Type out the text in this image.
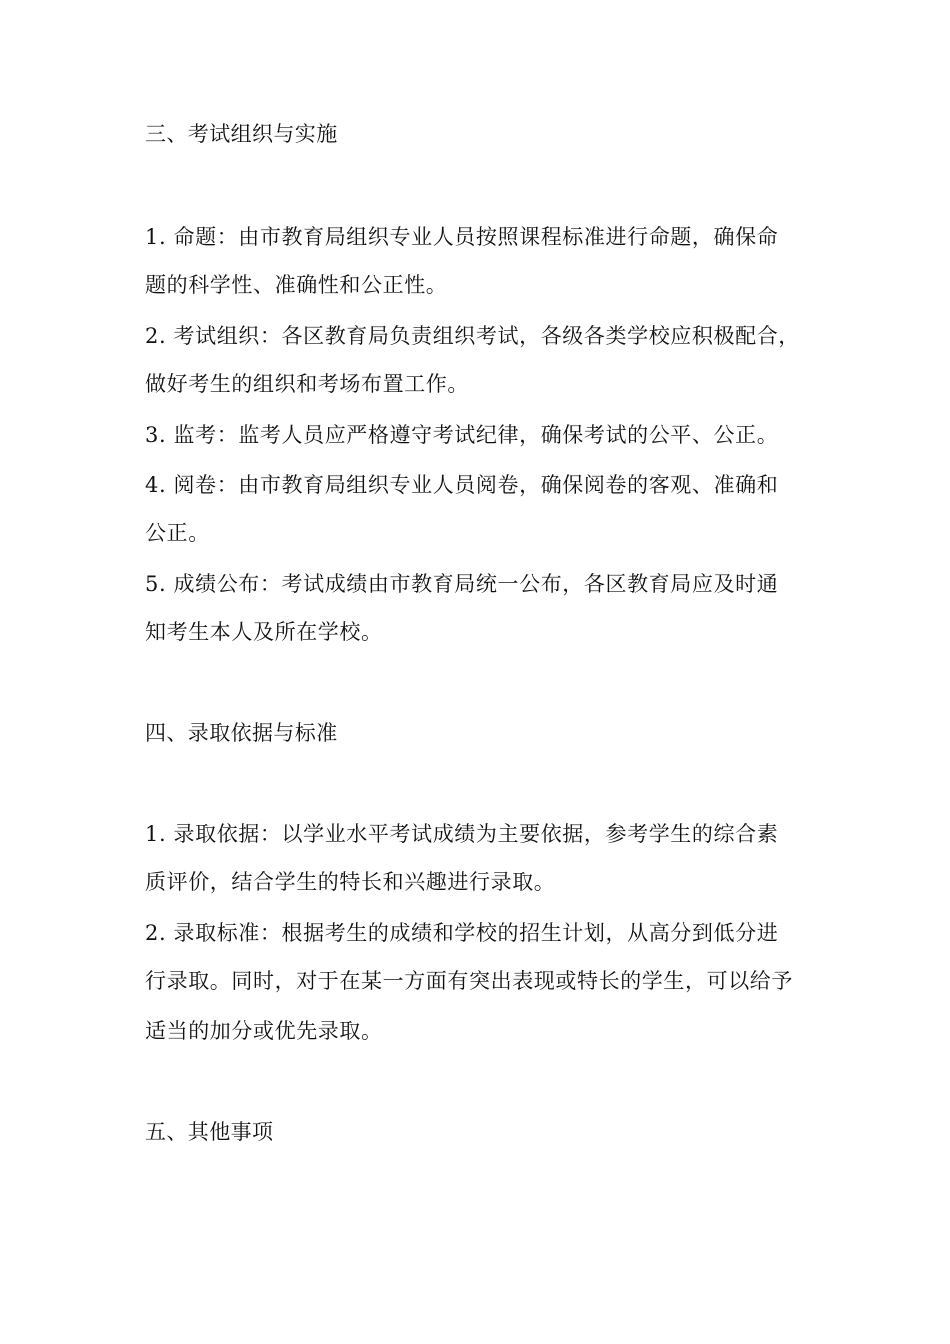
三、考试组织与实施
1. 命题：由市教育局组织专业人员按照课程标准进行命题，确保命
题的科学性、准确性和公正性。
2. 考试组织：各区教育局负责组织考试，各级各类学校应积极配合，
做好考生的组织和考场布置工作。
3. 监考：监考人员应严格遵守考试纪律，确保考试的公平、公正。
4. 阅卷：由市教育局组织专业人员阅卷，确保阅卷的客观、准确和
公正。
5. 成绩公布：考试成绩由市教育局统一公布，各区教育局应及时通
知考生本人及所在学校。
四、录取依据与标准
1. 录取依据：以学业水平考试成绩为主要依据，参考学生的综合素
质评价，结合学生的特长和兴趣进行录取。
2. 录取标准：根据考生的成绩和学校的招生计划，从高分到低分进
行录取。同时，对于在某一方面有突出表现或特长的学生，可以给予
适当的加分或优先录取。
五、其他事项
